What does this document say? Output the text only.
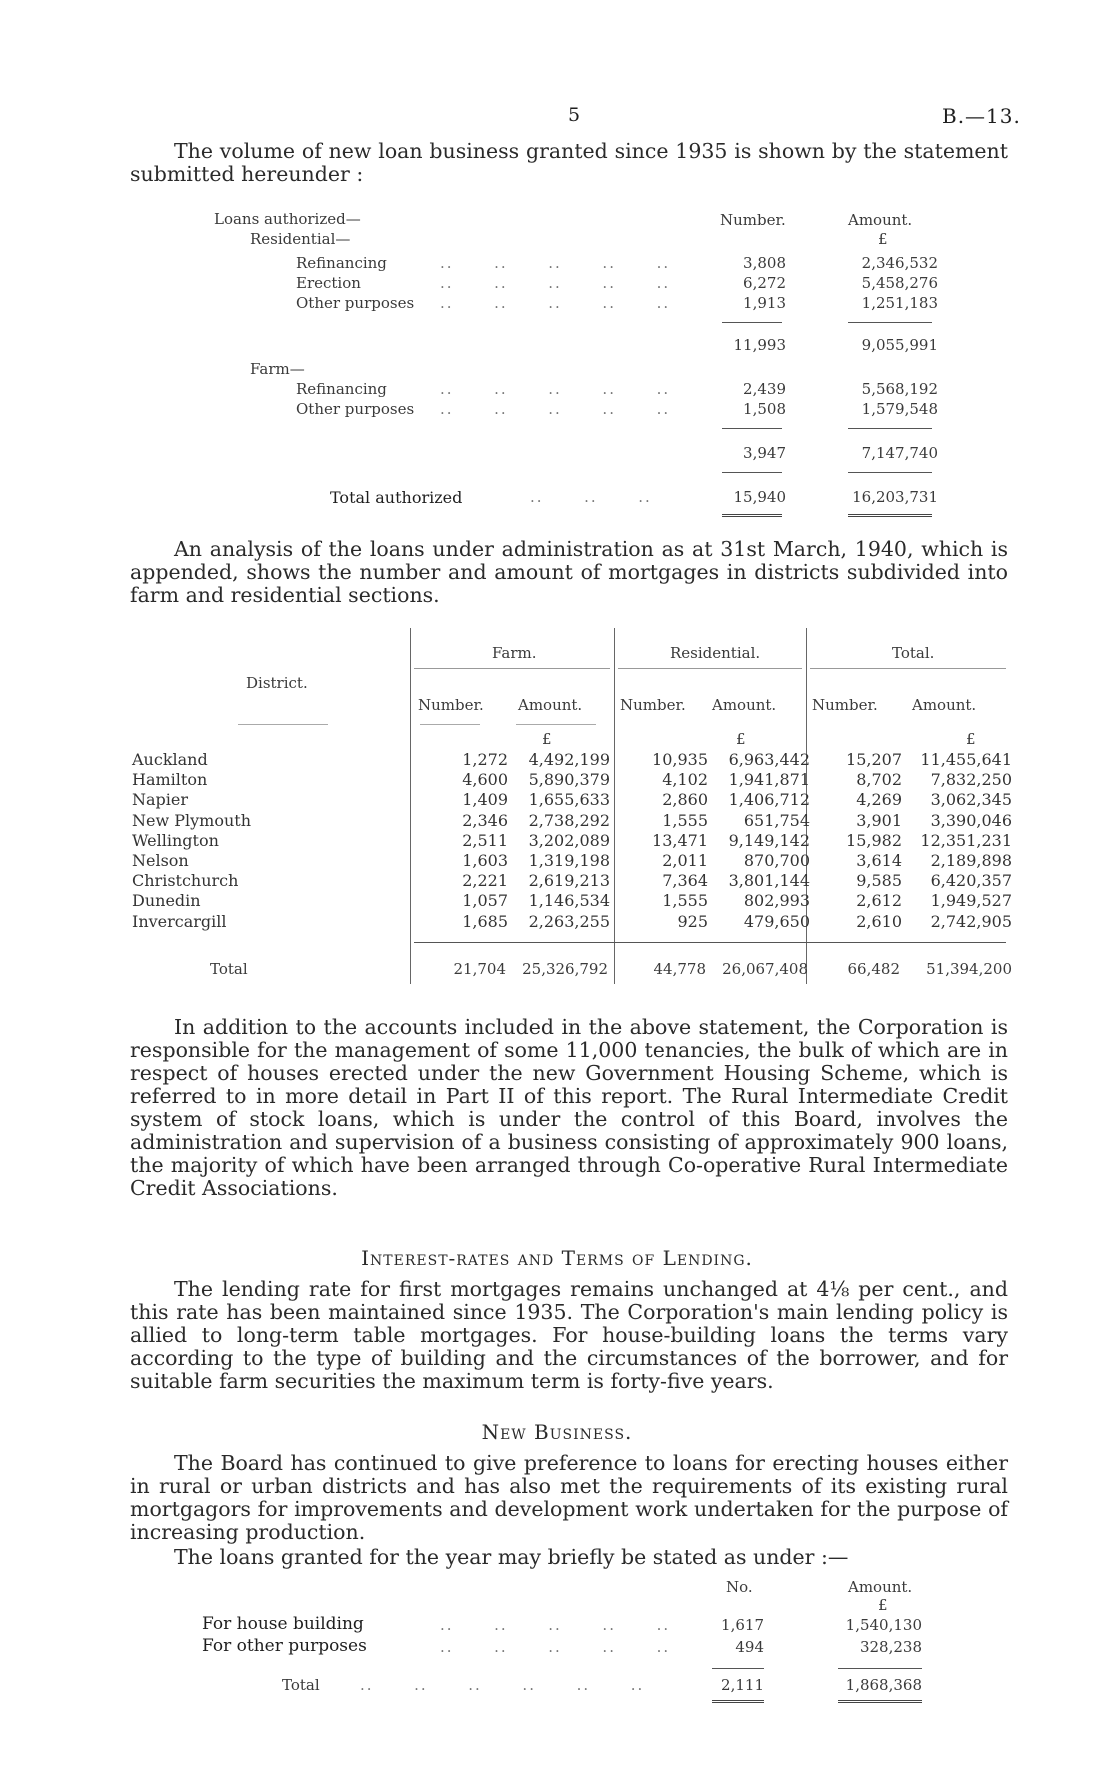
5	B.—13.

The volume of new loan business granted since 1935 is shown by the statement submitted hereunder :

Number.	Amount.
£
Loans authorized—
Residential—
Refinancing	..      ..      ..      ..      ..	3,808	2,346,532
Erection	..      ..      ..      ..      ..	6,272	5,458,276
Other purposes ..      ..      ..      ..      ..	1,913	1,251,183
11,993	9,055,991
Farm—
Refinancing	..      ..      ..      ..      ..	2,439	5,568,192
Other purposes ..      ..      ..      ..      ..	1,508	1,579,548
3,947	7,147,740
Total authorized	..      ..      ..	15,940	16,203,731

An analysis of the loans under administration as at 31st March, 1940, which is appended, shows the number and amount of mortgages in districts subdivided into farm and residential sections.

District.
Farm.	Residential.	Total.
Number. Amount.	Number. Amount. Number. Amount.
£	£	£
Auckland	1,272	4,492,199	10,935	6,963,442	15,207	11,455,641
Hamilton	4,600	5,890,379	4,102	1,941,871	8,702	7,832,250
Napier	1,409	1,655,633	2,860	1,406,712	4,269	3,062,345
New Plymouth	2,346	2,738,292	1,555	651,754	3,901	3,390,046
Wellington	2,511	3,202,089	13,471	9,149,142	15,982	12,351,231
Nelson	1,603	1,319,198	2,011	870,700	3,614	2,189,898
Christchurch	2,221	2,619,213	7,364	3,801,144	9,585	6,420,357
Dunedin	1,057	1,146,534	1,555	802,993	2,612	1,949,527
Invercargill	1,685	2,263,255	925	479,650	2,610	2,742,905
Total	21,704	25,326,792	44,778	26,067,408	66,482	51,394,200

In addition to the accounts included in the above statement, the Corporation is responsible for the management of some 11,000 tenancies, the bulk of which are in respect of houses erected under the new Government Housing Scheme, which is referred to in more detail in Part II of this report. The Rural Intermediate Credit system of stock loans, which is under the control of this Board, involves the administration and supervision of a business consisting of approximately 900 loans, the majority of which have been arranged through Co-operative Rural Intermediate Credit Associations.

Interest-rates and Terms of Lending.

The lending rate for first mortgages remains unchanged at 4⅛ per cent., and this rate has been maintained since 1935. The Corporation's main lending policy is allied to long-term table mortgages. For house-building loans the terms vary according to the type of building and the circumstances of the borrower, and for suitable farm securities the maximum term is forty-five years.

New Business.

The Board has continued to give preference to loans for erecting houses either in rural or urban districts and has also met the requirements of its existing rural mortgagors for improvements and development work undertaken for the purpose of increasing production.

The loans granted for the year may briefly be stated as under :—

No.	Amount.
£
For house building	..      ..      ..      ..      ..	1,617	1,540,130
For other purposes	..      ..      ..      ..      ..	494	328,238
Total	..      ..      ..      ..      ..      ..	2,111	1,868,368
